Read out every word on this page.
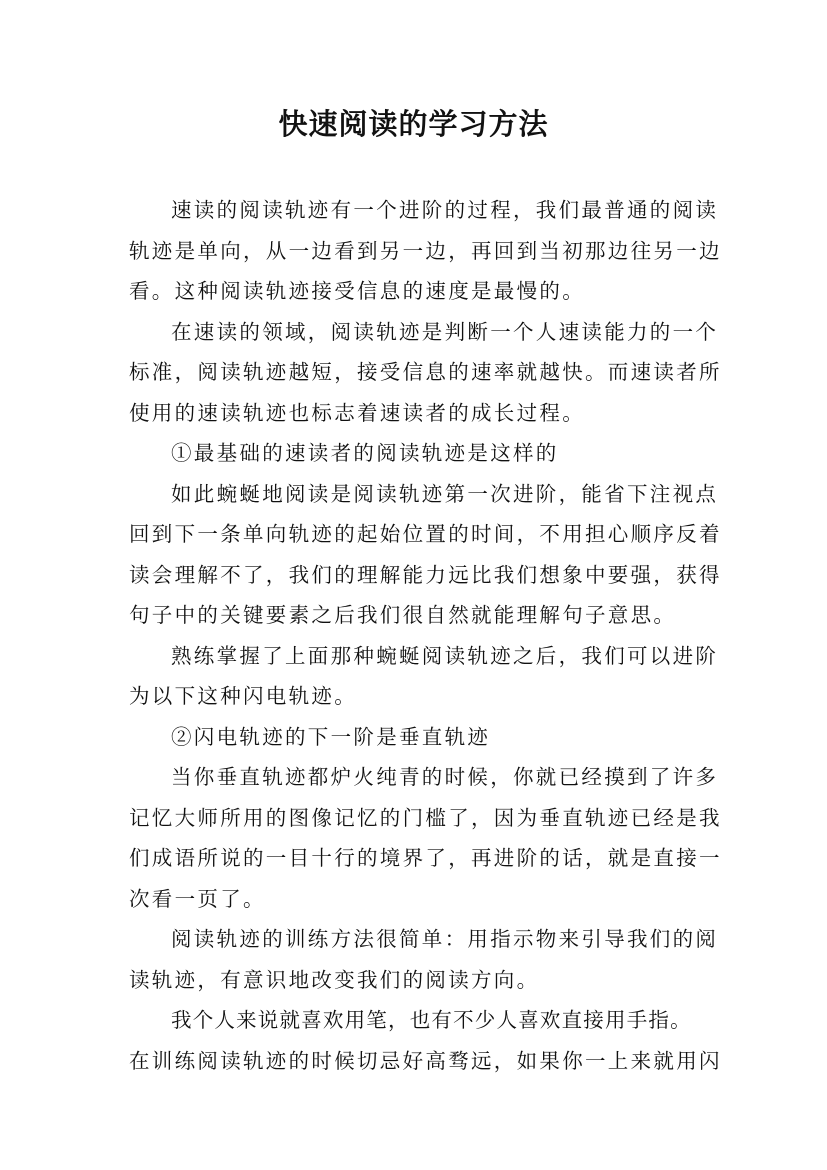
快速阅读的学习方法
速读的阅读轨迹有一个进阶的过程，我们最普通的阅读
轨迹是单向，从一边看到另一边，再回到当初那边往另一边
看。这种阅读轨迹接受信息的速度是最慢的。
在速读的领域，阅读轨迹是判断一个人速读能力的一个
标准，阅读轨迹越短，接受信息的速率就越快。而速读者所
使用的速读轨迹也标志着速读者的成长过程。
①最基础的速读者的阅读轨迹是这样的
如此蜿蜒地阅读是阅读轨迹第一次进阶，能省下注视点
回到下一条单向轨迹的起始位置的时间，不用担心顺序反着
读会理解不了，我们的理解能力远比我们想象中要强，获得
句子中的关键要素之后我们很自然就能理解句子意思。
熟练掌握了上面那种蜿蜒阅读轨迹之后，我们可以进阶
为以下这种闪电轨迹。
②闪电轨迹的下一阶是垂直轨迹
当你垂直轨迹都炉火纯青的时候，你就已经摸到了许多
记忆大师所用的图像记忆的门槛了，因为垂直轨迹已经是我
们成语所说的一目十行的境界了，再进阶的话，就是直接一
次看一页了。
阅读轨迹的训练方法很简单：用指示物来引导我们的阅
读轨迹，有意识地改变我们的阅读方向。
我个人来说就喜欢用笔，也有不少人喜欢直接用手指。
在训练阅读轨迹的时候切忌好高骛远，如果你一上来就用闪
